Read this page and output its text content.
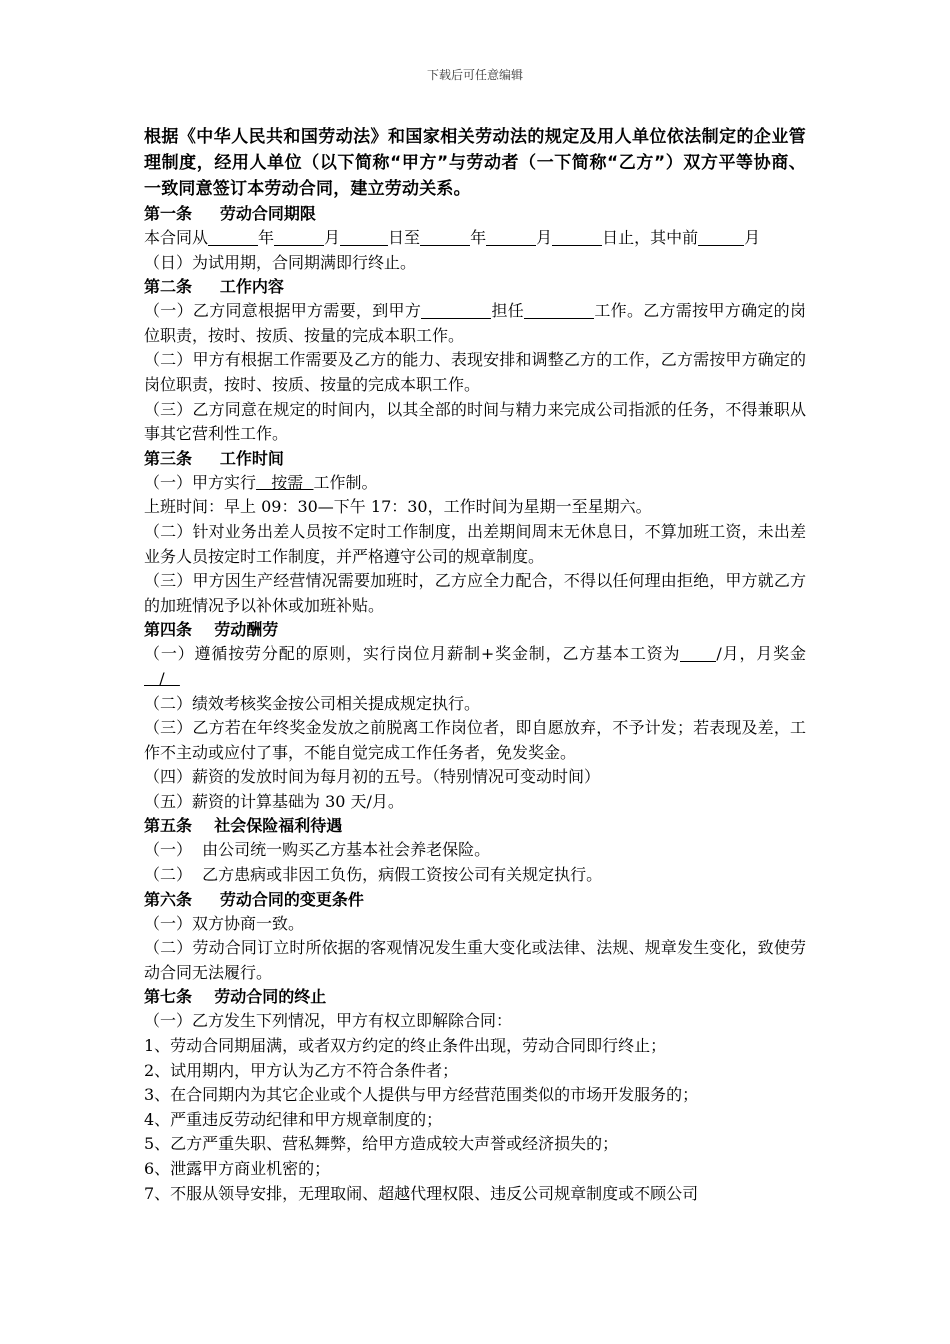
下载后可任意编辑

根据《中华人民共和国劳动法》和国家相关劳动法的规定及用人单位依法制定的企业管理制度，经用人单位（以下简称“甲方”与劳动者（一下简称“乙方”）双方平等协商、一致同意签订本劳动合同，建立劳动关系。

第一条     劳动合同期限

本合同从	年	月	日至	年	月	日止，其中前	月

（日）为试用期，合同期满即行终止。

第二条     工作内容

（一）乙方同意根据甲方需要，到甲方	担任	工作。乙方需按甲方确定的岗位职责，按时、按质、按量的完成本职工作。

（二）甲方有根据工作需要及乙方的能力、表现安排和调整乙方的工作，乙方需按甲方确定的岗位职责，按时、按质、按量的完成本职工作。

（三）乙方同意在规定的时间内，以其全部的时间与精力来完成公司指派的任务，不得兼职从事其它营利性工作。

第三条     工作时间

（一）甲方实行   按需  工作制。

上班时间：早上 09：30—下午 17：30，工作时间为星期一至星期六。

（二）针对业务出差人员按不定时工作制度，出差期间周末无休息日，不算加班工资，未出差业务人员按定时工作制度，并严格遵守公司的规章制度。

（三）甲方因生产经营情况需要加班时，乙方应全力配合，不得以任何理由拒绝，甲方就乙方的加班情况予以补休或加班补贴。

第四条    劳动酬劳

（一）遵循按劳分配的原则，实行岗位月薪制+奖金制，乙方基本工资为 /月，月奖金   /

（二）绩效考核奖金按公司相关提成规定执行。

（三）乙方若在年终奖金发放之前脱离工作岗位者，即自愿放弃，不予计发；若表现及差，工作不主动或应付了事，不能自觉完成工作任务者，免发奖金。

（四）薪资的发放时间为每月初的五号。（特别情况可变动时间）

（五）薪资的计算基础为 30 天/月。

第五条    社会保险福利待遇

（一）  由公司统一购买乙方基本社会养老保险。

（二）  乙方患病或非因工负伤，病假工资按公司有关规定执行。

第六条     劳动合同的变更条件

（一）双方协商一致。

（二）劳动合同订立时所依据的客观情况发生重大变化或法律、法规、规章发生变化，致使劳动合同无法履行。

第七条    劳动合同的终止

（一）乙方发生下列情况，甲方有权立即解除合同：

1、劳动合同期届满，或者双方约定的终止条件出现，劳动合同即行终止；

2、试用期内，甲方认为乙方不符合条件者；

3、在合同期内为其它企业或个人提供与甲方经营范围类似的市场开发服务的；

4、严重违反劳动纪律和甲方规章制度的；

5、乙方严重失职、营私舞弊，给甲方造成较大声誉或经济损失的；

6、泄露甲方商业机密的；

7、不服从领导安排，无理取闹、超越代理权限、违反公司规章制度或不顾公司
